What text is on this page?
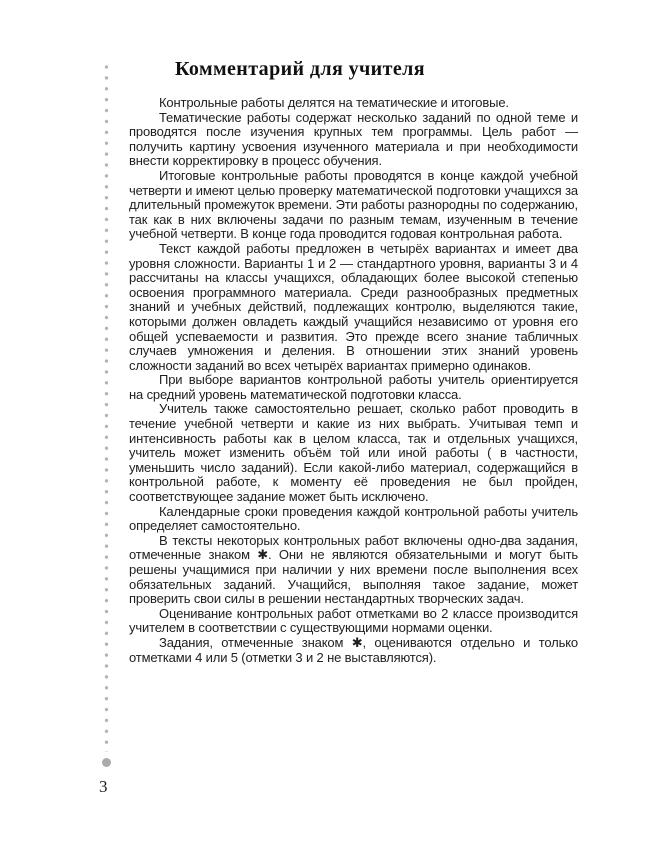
Комментарий для учителя

Контрольные работы делятся на тематические и итоговые.

Тематические работы содержат несколько заданий по одной теме и проводятся после изучения крупных тем программы. Цель работ — получить картину усвоения изученного материала и при необходимости внести корректировку в процесс обучения.

Итоговые контрольные работы проводятся в конце каждой учебной четверти и имеют целью проверку математической подготовки учащихся за длительный промежуток времени. Эти работы разнородны по содержанию, так как в них включены задачи по разным темам, изученным в течение учебной четверти. В конце года проводится годовая контрольная работа.

Текст каждой работы предложен в четырёх вариантах и имеет два уровня сложности. Варианты 1 и 2 — стандартного уровня, варианты 3 и 4 рассчитаны на классы учащихся, обладающих более высокой степенью освоения программного материала. Среди разнообразных предметных знаний и учебных действий, подлежащих контролю, выделяются такие, которыми должен овладеть каждый учащийся независимо от уровня его общей успеваемости и развития. Это прежде всего знание табличных случаев умножения и деления. В отношении этих знаний уровень сложности заданий во всех четырёх вариантах примерно одинаков.

При выборе вариантов контрольной работы учитель ориентируется на средний уровень математической подготовки класса.

Учитель также самостоятельно решает, сколько работ проводить в течение учебной четверти и какие из них выбрать. Учитывая темп и интенсивность работы как в целом класса, так и отдельных учащихся, учитель может изменить объём той или иной работы ( в частности, уменьшить число заданий). Если какой-либо материал, содержащийся в контрольной работе, к моменту её проведения не был пройден, соответствующее задание может быть исключено.

Календарные сроки проведения каждой контрольной работы учитель определяет самостоятельно.

В тексты некоторых контрольных работ включены одно-два задания, отмеченные знаком ✱. Они не являются обязательными и могут быть решены учащимися при наличии у них времени после выполнения всех обязательных заданий. Учащийся, выполняя такое задание, может проверить свои силы в решении нестандартных творческих задач.

Оценивание контрольных работ отметками во 2 классе производится учителем в соответствии с существующими нормами оценки.

Задания, отмеченные знаком ✱, оцениваются отдельно и только отметками 4 или 5 (отметки 3 и 2 не выставляются).

3
